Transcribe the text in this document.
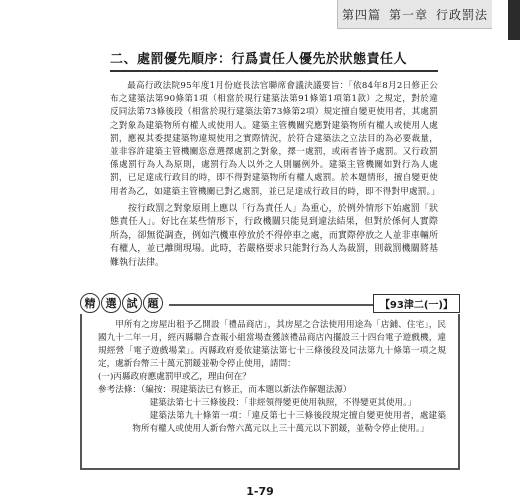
第四篇 第一章 行政罰法
二、處罰優先順序：行爲責任人優先於狀態責任人

最高行政法院95年度1月份庭長法官聯席會議決議要旨：「依84年8月2日修正公布之建築法第90條第1項（相當於現行建築法第91條第1項第1款）之規定，對於違反同法第73條後段（相當於現行建築法第73條第2項）規定擅自變更使用者，其處罰之對象為建築物所有權人或使用人。建築主管機關究應對建築物所有權人或使用人處罰，應視其委提建築物違規使用之實際情況，於符合建築法之立法目的為必要裁量，並非容許建築主管機關恣意選擇處罰之對象，擇一處罰，或兩者皆予處罰。又行政罰係處罰行為人為原則，處罰行為人以外之人則屬例外。建築主管機關如對行為人處罰，已足達成行政目的時，即不得對建築物所有權人處罰。於本題情形，擅自變更使用者為乙，如建築主管機關已對乙處罰，並已足達成行政目的時，即不得對甲處罰。」

按行政罰之對象原則上應以「行為責任人」為重心，於例外情形下始處罰「狀態責任人」。好比在某些情形下，行政機關只能見到違法結果，但對於係何人實際所為，卻無從調查，例如汽機車停放於不得停車之處，而實際停放之人並非車輛所有權人，並已離開現場。此時，若嚴格要求只能對行為人為裁罰，則裁罰機關將基難執行法律。

精 選 試 題	【93津二(一)】

甲所有之房屋出租予乙開設「禮品商店」，其房屋之合法使用用途為「店鋪、住宅」，民國九十二年一月，經丙縣聯合查報小組當場查獲該禮品商店內擺設三十四台電子遊戲機，違規經營「電子遊戲場業」。丙縣政府爰依建築法第七十三條後段及同法第九十條第一項之規定，處新台幣三十萬元罰鍰並勒令停止使用，請問：

(一)丙縣政府應處罰甲或乙，理由何在？

參考法條：（編按：現建築法已有修正，而本題以新法作解題法源）

建築法第七十三條後段：「非經領得變更使用執照，不得變更其使用。」

建築法第九十條第一項：「違反第七十三條後段規定擅自變更使用者，處建築物所有權人或使用人新台幣六萬元以上三十萬元以下罰鍰，並勒令停止使用。」

1-79
